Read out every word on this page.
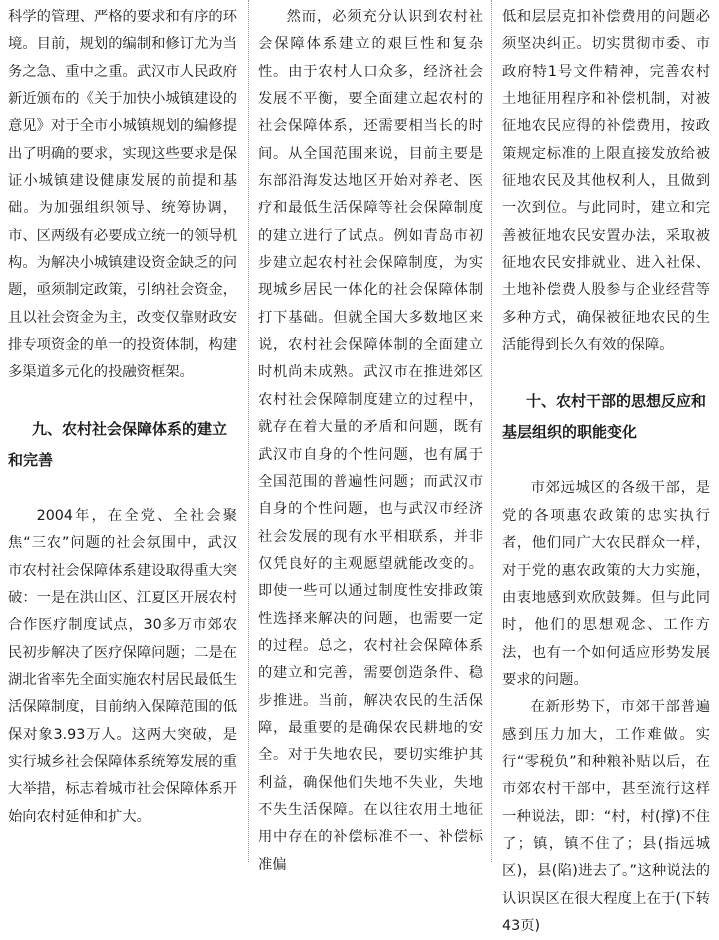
科学的管理、严格的要求和有序的环境。目前，规划的编制和修订尤为当务之急、重中之重。武汉市人民政府新近颁布的《关于加快小城镇建设的意见》对于全市小城镇规划的编修提出了明确的要求，实现这些要求是保证小城镇建设健康发展的前提和基础。为加强组织领导、统筹协调，市、区两级有必要成立统一的领导机构。为解决小城镇建设资金缺乏的问题，亟须制定政策，引纳社会资金，且以社会资金为主，改变仅靠财政安排专项资金的单一的投资体制，构建多渠道多元化的投融资框架。

九、农村社会保障体系的建立和完善

2004年，在全党、全社会聚焦“三农”问题的社会氛围中，武汉市农村社会保障体系建设取得重大突破：一是在洪山区、江夏区开展农村合作医疗制度试点，30多万市郊农民初步解决了医疗保障问题；二是在湖北省率先全面实施农村居民最低生活保障制度，目前纳入保障范围的低保对象3.93万人。这两大突破，是实行城乡社会保障体系统筹发展的重大举措，标志着城市社会保障体系开始向农村延伸和扩大。

然而，必须充分认识到农村社会保障体系建立的艰巨性和复杂性。由于农村人口众多，经济社会发展不平衡，要全面建立起农村的社会保障体系，还需要相当长的时间。从全国范围来说，目前主要是东部沿海发达地区开始对养老、医疗和最低生活保障等社会保障制度的建立进行了试点。例如青岛市初步建立起农村社会保障制度，为实现城乡居民一体化的社会保障体制打下基础。但就全国大多数地区来说，农村社会保障体制的全面建立时机尚未成熟。武汉市在推进郊区农村社会保障制度建立的过程中，就存在着大量的矛盾和问题，既有武汉市自身的个性问题，也有属于全国范围的普遍性问题；而武汉市自身的个性问题，也与武汉市经济社会发展的现有水平相联系，并非仅凭良好的主观愿望就能改变的。即使一些可以通过制度性安排政策性选择来解决的问题，也需要一定的过程。总之，农村社会保障体系的建立和完善，需要创造条件、稳步推进。当前，解决农民的生活保障，最重要的是确保农民耕地的安全。对于失地农民，要切实维护其利益，确保他们失地不失业，失地不失生活保障。在以往农用土地征用中存在的补偿标准不一、补偿标准偏

低和层层克扣补偿费用的问题必须坚决纠正。切实贯彻市委、市政府特1号文件精神，完善农村土地征用程序和补偿机制，对被征地农民应得的补偿费用，按政策规定标准的上限直接发放给被征地农民及其他权利人，且做到一次到位。与此同时，建立和完善被征地农民安置办法，采取被征地农民安排就业、进入社保、土地补偿费人股参与企业经营等多种方式，确保被征地农民的生活能得到长久有效的保障。

十、农村干部的思想反应和基层组织的职能变化

市郊远城区的各级干部，是党的各项惠农政策的忠实执行者，他们同广大农民群众一样，对于党的惠农政策的大力实施，由衷地感到欢欣鼓舞。但与此同时，他们的思想观念、工作方法，也有一个如何适应形势发展要求的问题。

在新形势下，市郊干部普遍感到压力加大，工作难做。实行“零税负”和种粮补贴以后，在市郊农村干部中，甚至流行这样一种说法，即：“村，村(撑)不住了；镇，镇不住了；县(指远城区)，县(陷)进去了。”这种说法的认识误区在很大程度上在于(下转43页)
